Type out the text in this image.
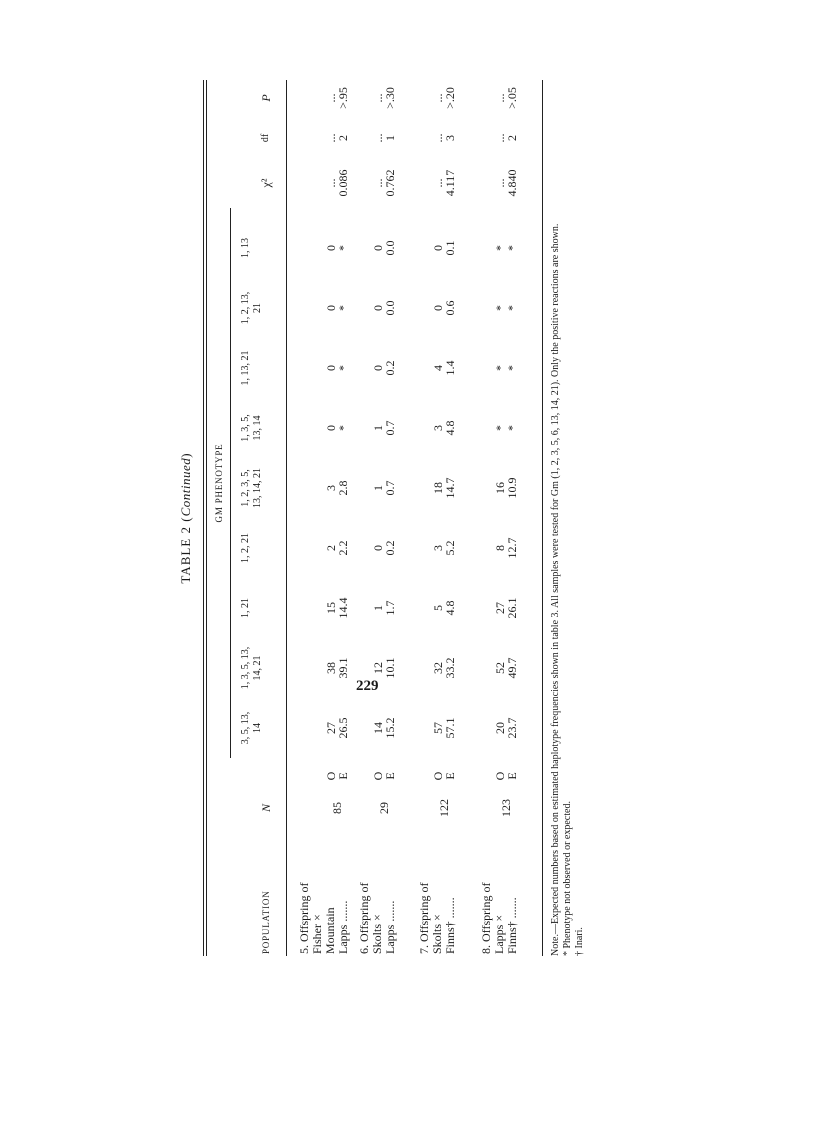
229
TABLE 2 (Continued) GM PHENOTYPE
POPULATION
N
3, 5, 13, 14
1, 3, 5, 13, 14, 21
1, 21
1, 2, 21
1, 2, 3, 5, 13, 14, 21
1, 3, 5, 13, 14
1, 13, 21
1, 2, 13, 21
1, 13
χ²
df
P
5. Offspring of Fisher × Mountain Lapps .......
85
O
E
27
38
15
2
3
0
0
0
0
26.5
39.1
14.4
2.2
2.8
*
*
*
*
...
...
...
0.086
2
>.95
6. Offspring of Skolts × Lapps .......
29
O
E
14
12
1
0
1
1
0
0
0
15.2
10.1
1.7
0.2
0.7
0.7
0.2
0.0
0.0
...
...
...
0.762
1
>.30
7. Offspring of Skolts × Finns† .......
122
O
E
57
32
5
3
18
3
4
0
0
57.1
33.2
4.8
5.2
14.7
4.8
1.4
0.6
0.1
...
...
...
4.117
3
>.20
8. Offspring of Lapps × Finns† .......
123
O
E
20
52
27
8
16
*
*
*
*
23.7
49.7
26.1
12.7
10.9
*
*
*
*
...
...
...
4.840
2
>.05

Note.—Expected numbers based on estimated haplotype frequencies shown in table 3. All samples were tested for Gm (1, 2, 3, 5, 6, 13, 14, 21). Only the positive reactions are shown. * Phenotype not observed or expected. † Inari.
